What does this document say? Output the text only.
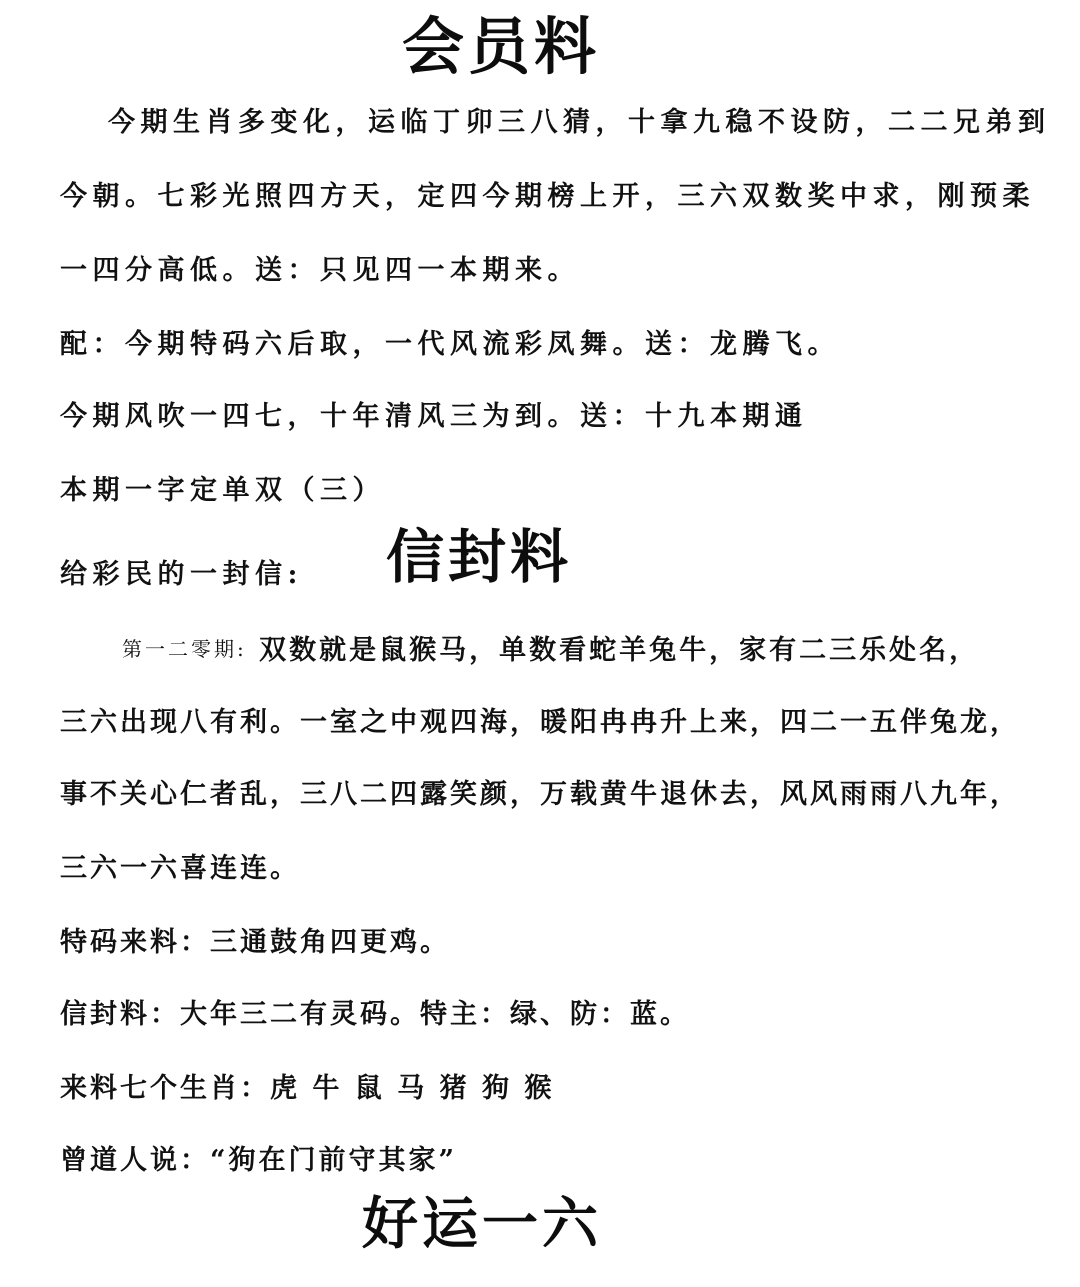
会员料
今期生肖多变化，运临丁卯三八猜，十拿九稳不设防，二二兄弟到
今朝。七彩光照四方天，定四今期榜上开，三六双数奖中求，刚预柔
一四分高低。送：只见四一本期来。
配：今期特码六后取，一代风流彩凤舞。送：龙腾飞。
今期风吹一四七，十年清风三为到。送：十九本期通
本期一字定单双（三）
给彩民的一封信: 信封料
第一二零期: 双数就是鼠猴马，单数看蛇羊兔牛，家有二三乐处名，
三六出现八有利。一室之中观四海，暖阳冉冉升上来，四二一五伴兔龙，
事不关心仁者乱，三八二四露笑颜，万载黄牛退休去，风风雨雨八九年，
三六一六喜连连。
特码来料：三通鼓角四更鸡。
信封料：大年三二有灵码。特主：绿、防：蓝。
来料七个生肖：虎 牛 鼠 马 猪 狗 猴
曾道人说：“狗在门前守其家”
好运一六
